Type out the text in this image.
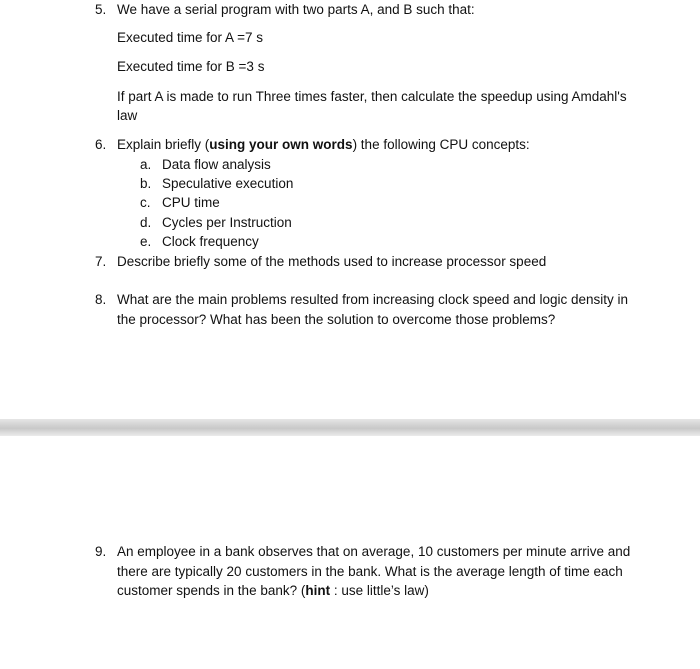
5. We have a serial program with two parts A, and B such that:
Executed time for A =7 s
Executed time for B =3 s
If part A is made to run Three times faster, then calculate the speedup using Amdahl's
law
6. Explain briefly (using your own words) the following CPU concepts:
a. Data flow analysis
b. Speculative execution
c. CPU time
d. Cycles per Instruction
e. Clock frequency
7. Describe briefly some of the methods used to increase processor speed
8. What are the main problems resulted from increasing clock speed and logic density in
the processor? What has been the solution to overcome those problems?
9. An employee in a bank observes that on average, 10 customers per minute arrive and
there are typically 20 customers in the bank. What is the average length of time each
customer spends in the bank? (hint : use little’s law)
